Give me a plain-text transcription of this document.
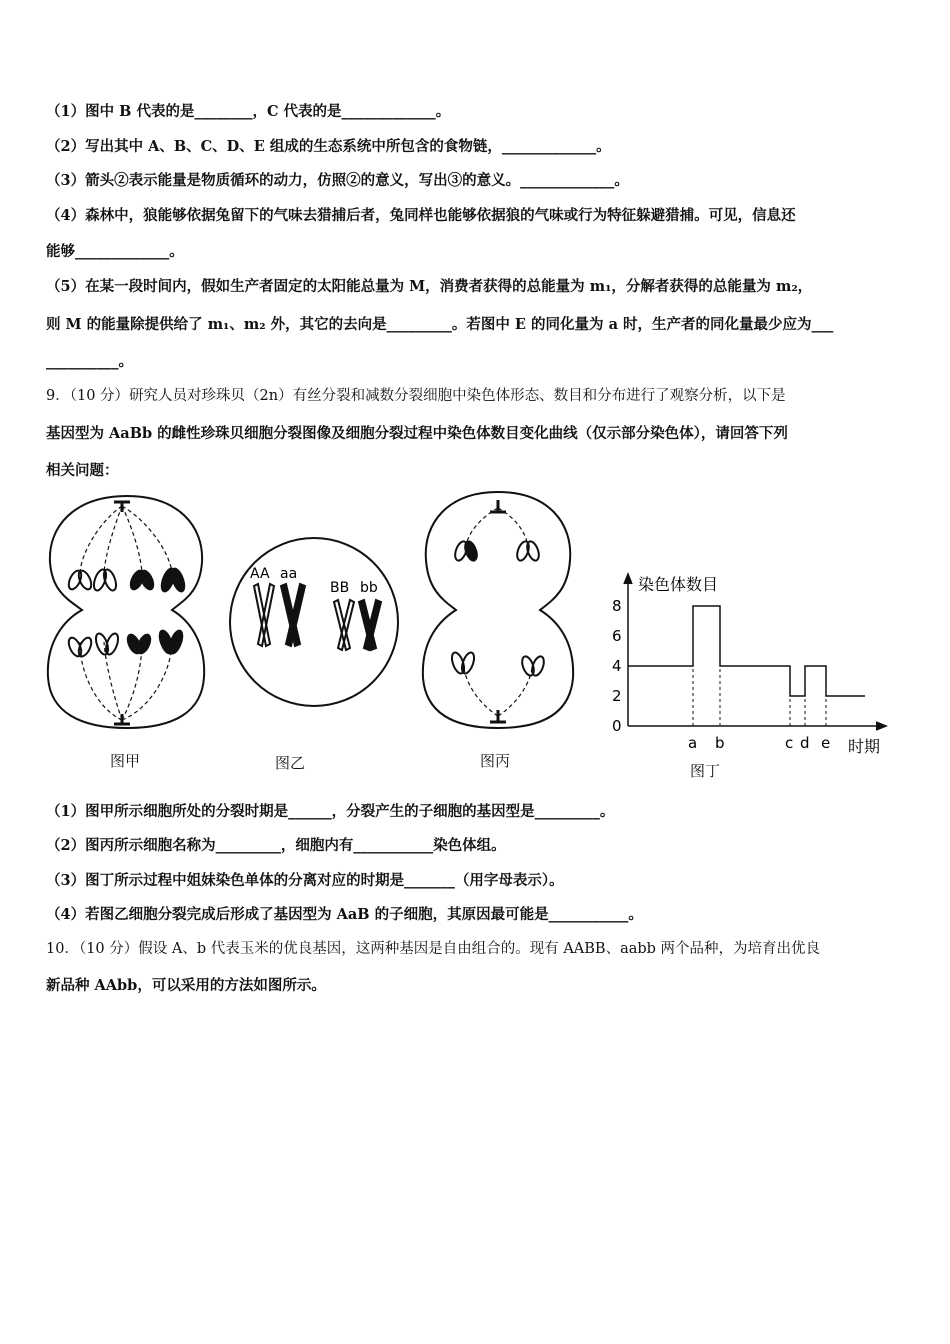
（1）图中 B 代表的是________，C 代表的是_____________。
（2）写出其中 A、B、C、D、E 组成的生态系统中所包含的食物链，_____________。
（3）箭头②表示能量是物质循环的动力，仿照②的意义，写出③的意义。_____________。
（4）森林中，狼能够依据兔留下的气味去猎捕后者，兔同样也能够依据狼的气味或行为特征躲避猎捕。可见，信息还
能够_____________。
（5）在某一段时间内，假如生产者固定的太阳能总量为 M，消费者获得的总能量为 m₁，分解者获得的总能量为 m₂，
则 M 的能量除提供给了 m₁、m₂ 外，其它的去向是_________。若图中 E 的同化量为 a 时，生产者的同化量最少应为___
__________。
9．（10 分）研究人员对珍珠贝（2n）有丝分裂和减数分裂细胞中染色体形态、数目和分布进行了观察分析，以下是
基因型为 AaBb 的雌性珍珠贝细胞分裂图像及细胞分裂过程中染色体数目变化曲线（仅示部分染色体），请回答下列
相关问题：
图甲
AA aa
BB bb
图乙	图丙
染色体数目
时期
0
2
4
6
8
a b	c d e
图丁
（1）图甲所示细胞所处的分裂时期是______，分裂产生的子细胞的基因型是_________。
（2）图丙所示细胞名称为_________，细胞内有___________染色体组。
（3）图丁所示过程中姐妹染色单体的分离对应的时期是_______（用字母表示）。
（4）若图乙细胞分裂完成后形成了基因型为 AaB 的子细胞，其原因最可能是___________。
10．（10 分）假设 A、b 代表玉米的优良基因，这两种基因是自由组合的。现有 AABB、aabb 两个品种，为培育出优良
新品种 AAbb，可以采用的方法如图所示。
